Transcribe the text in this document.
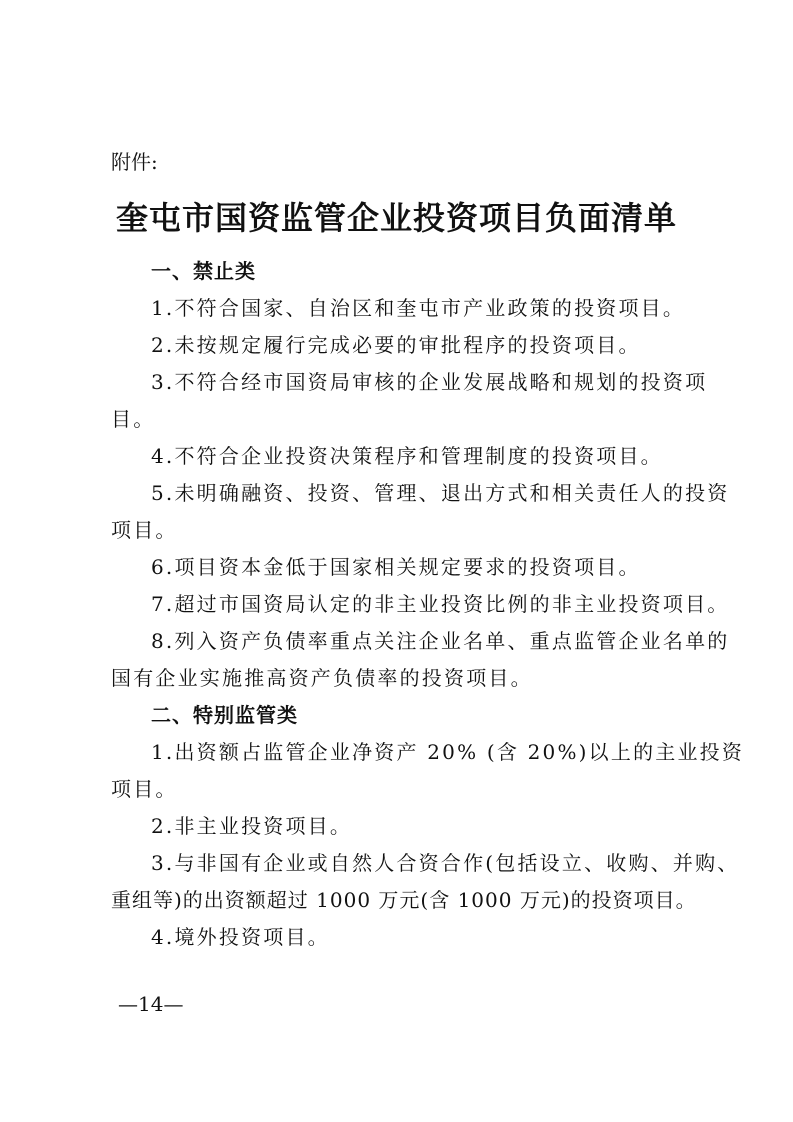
附件:
奎屯市国资监管企业投资项目负面清单
一、禁止类
1.不符合国家、自治区和奎屯市产业政策的投资项目。
2.未按规定履行完成必要的审批程序的投资项目。
3.不符合经市国资局审核的企业发展战略和规划的投资项
目。
4.不符合企业投资决策程序和管理制度的投资项目。
5.未明确融资、投资、管理、退出方式和相关责任人的投资
项目。
6.项目资本金低于国家相关规定要求的投资项目。
7.超过市国资局认定的非主业投资比例的非主业投资项目。
8.列入资产负债率重点关注企业名单、重点监管企业名单的
国有企业实施推高资产负债率的投资项目。
二、特别监管类
1.出资额占监管企业净资产 20% (含 20%)以上的主业投资
项目。
2.非主业投资项目。
3.与非国有企业或自然人合资合作(包括设立、收购、并购、
重组等)的出资额超过 1000 万元(含 1000 万元)的投资项目。
4.境外投资项目。
—14—
